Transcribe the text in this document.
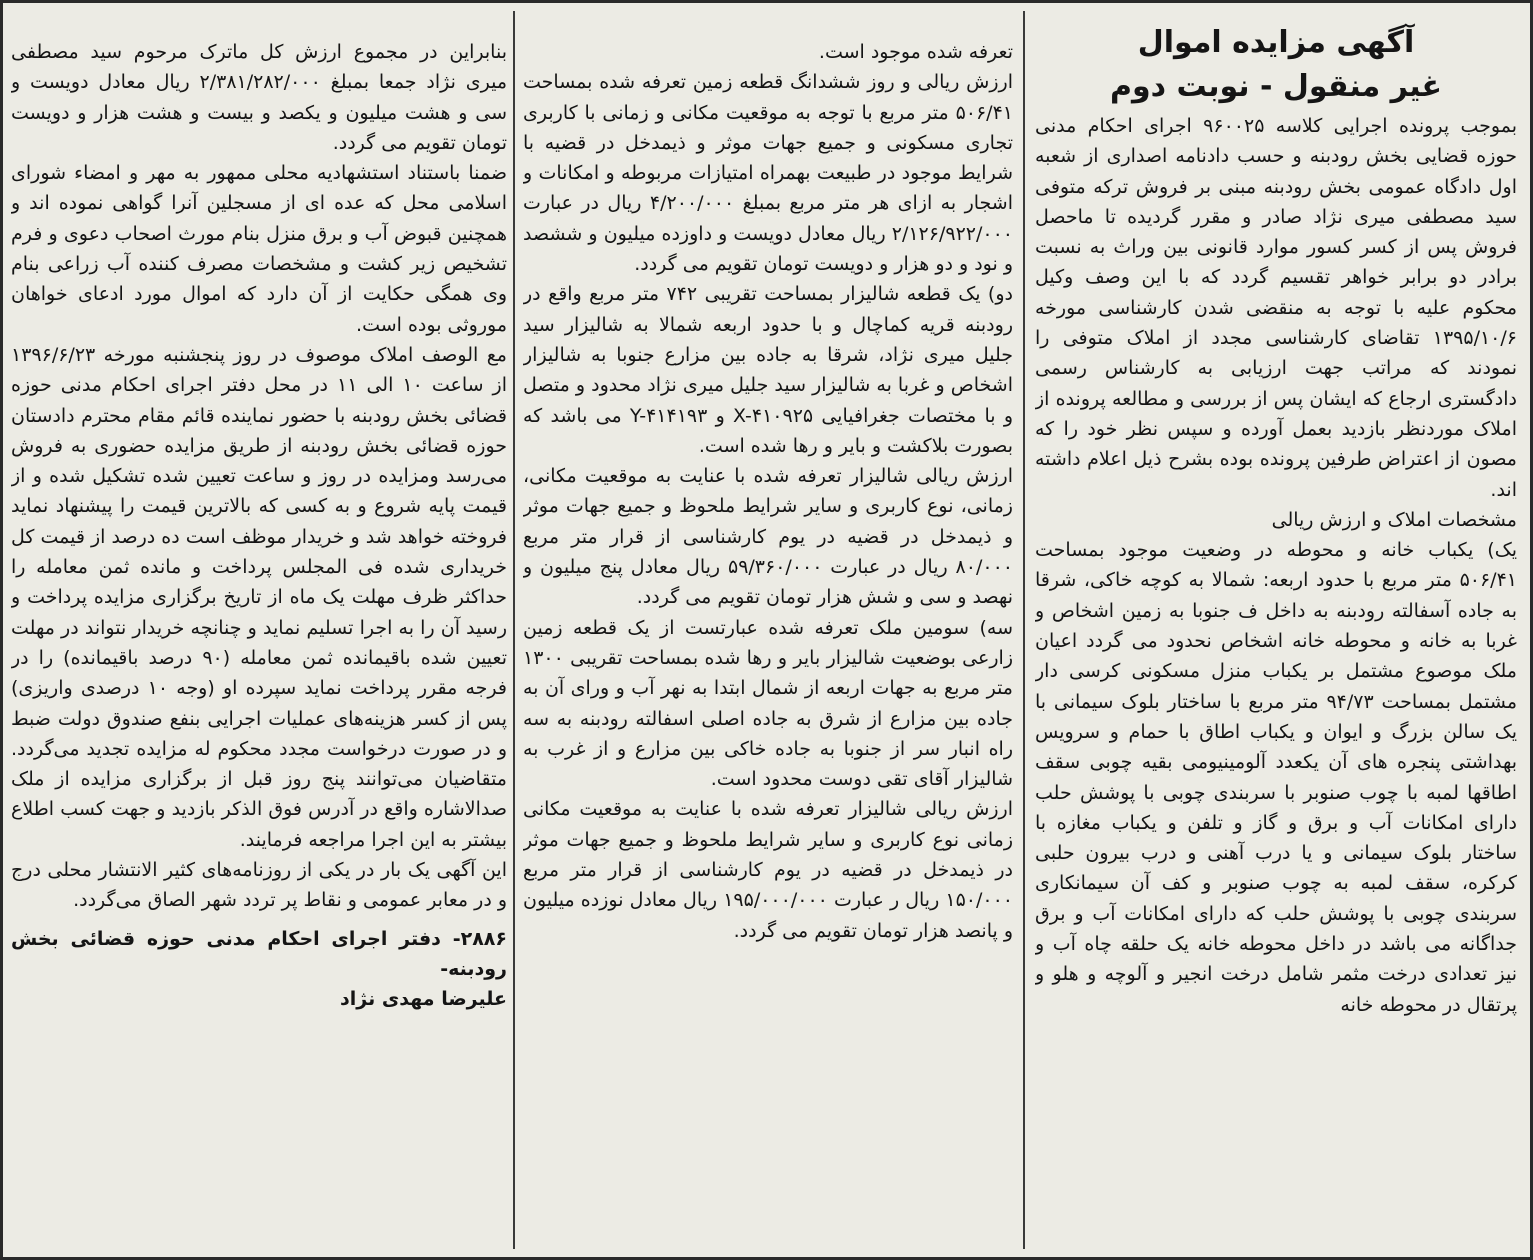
آگهی مزایده اموال
غیر منقول - نوبت دوم

بموجب پرونده اجرایی کلاسه ۹۶۰۰۲۵ اجرای احکام مدنی حوزه قضایی بخش رودبنه و حسب دادنامه اصداری از شعبه اول دادگاه عمومی بخش رودبنه مبنی بر فروش ترکه متوفی سید مصطفی میری نژاد صادر و مقرر گردیده تا ماحصل فروش پس از کسر کسور موارد قانونی بین وراث به نسبت برادر دو برابر خواهر تقسیم گردد که با این وصف وکیل محکوم علیه با توجه به منقضی شدن کارشناسی مورخه ۱۳۹۵/۱۰/۶ تقاضای کارشناسی مجدد از املاک متوفی را نمودند که مراتب جهت ارزیابی به کارشناس رسمی دادگستری ارجاع که ایشان پس از بررسی و مطالعه پرونده از املاک موردنظر بازدید بعمل آورده و سپس نظر خود را که مصون از اعتراض طرفین پرونده بوده بشرح ذیل اعلام داشته اند.

مشخصات املاک و ارزش ریالی

یک) یکباب خانه و محوطه در وضعیت موجود بمساحت ۵۰۶/۴۱ متر مربع با حدود اربعه: شمالا به کوچه خاکی، شرقا به جاده آسفالته رودبنه به داخل ف جنوبا به زمین اشخاص و غربا به خانه و محوطه خانه اشخاص نحدود می گردد اعیان ملک موصوع مشتمل بر یکباب منزل مسکونی کرسی دار مشتمل بمساحت ۹۴/۷۳ متر مربع با ساختار بلوک سیمانی با یک سالن بزرگ و ایوان و یکباب اطاق با حمام و سرویس بهداشتی پنجره های آن یکعدد آلومینیومی بقیه چوبی سقف اطاقها لمبه با چوب صنوبر با سربندی چوبی با پوشش حلب دارای امکانات آب و برق و گاز و تلفن و یکباب مغازه با ساختار بلوک سیمانی و یا درب آهنی و درب بیرون حلبی کرکره، سقف لمبه به چوب صنوبر و کف آن سیمانکاری سربندی چوبی با پوشش حلب که دارای امکانات آب و برق جداگانه می باشد در داخل محوطه خانه یک حلقه چاه آب و نیز تعدادی درخت مثمر شامل درخت انجیر و آلوچه و هلو و پرتقال در محوطه خانه

تعرفه شده موجود است.

ارزش ریالی و روز ششدانگ قطعه زمین تعرفه شده بمساحت ۵۰۶/۴۱ متر مربع با توجه به موقعیت مکانی و زمانی با کاربری تجاری مسکونی و جمیع جهات موثر و ذیمدخل در قضیه با شرایط موجود در طبیعت بهمراه امتیازات مربوطه و امکانات و اشجار به ازای هر متر مربع بمبلغ ۴/۲۰۰/۰۰۰ ریال در عبارت ۲/۱۲۶/۹۲۲/۰۰۰ ریال معادل دویست و داوزده میلیون و ششصد و نود و دو هزار و دویست تومان تقویم می گردد.

دو) یک قطعه شالیزار بمساحت تقریبی ۷۴۲ متر مربع واقع در رودبنه قریه کماچال و با حدود اربعه شمالا به شالیزار سید جلیل میری نژاد، شرقا به جاده بین مزارع جنوبا به شالیزار اشخاص و غربا به شالیزار سید جلیل میری نژاد محدود و متصل و با مختصات جغرافیایی X-۴۱۰۹۲۵ و Y-۴۱۴۱۹۳ می باشد که بصورت بلاکشت و بایر و رها شده است.

ارزش ریالی شالیزار تعرفه شده با عنایت به موقعیت مکانی، زمانی، نوع کاربری و سایر شرایط ملحوظ و جمیع جهات موثر و ذیمدخل در قضیه در یوم کارشناسی از قرار متر مربع ۸۰/۰۰۰ ریال در عبارت ۵۹/۳۶۰/۰۰۰ ریال معادل پنج میلیون و نهصد و سی و شش هزار تومان تقویم می گردد.

سه) سومین ملک تعرفه شده عبارتست از یک قطعه زمین زارعی بوضعیت شالیزار بایر و رها شده بمساحت تقریبی ۱۳۰۰ متر مربع به جهات اربعه از شمال ابتدا به نهر آب و ورای آن به جاده بین مزارع از شرق به جاده اصلی اسفالته رودبنه به سه راه انبار سر از جنوبا به جاده خاکی بین مزارع و از غرب به شالیزار آقای تقی دوست محدود است.

ارزش ریالی شالیزار تعرفه شده با عنایت به موقعیت مکانی زمانی نوع کاربری و سایر شرایط ملحوظ و جمیع جهات موثر در ذیمدخل در قضیه در یوم کارشناسی از قرار متر مربع ۱۵۰/۰۰۰ ریال ر عبارت ۱۹۵/۰۰۰/۰۰۰ ریال معادل نوزده میلیون و پانصد هزار تومان تقویم می گردد.

بنابراین در مجموع ارزش کل ماترک مرحوم سید مصطفی میری نژاد جمعا بمبلغ ۲/۳۸۱/۲۸۲/۰۰۰ ریال معادل دویست و سی و هشت میلیون و یکصد و بیست و هشت هزار و دویست تومان تقویم می گردد.

ضمنا باستناد استشهادیه محلی ممهور به مهر و امضاء شورای اسلامی محل که عده ای از مسجلین آنرا گواهی نموده اند و همچنین قبوض آب و برق منزل بنام مورث اصحاب دعوی و فرم تشخیص زیر کشت و مشخصات مصرف کننده آب زراعی بنام وی همگی حکایت از آن دارد که اموال مورد ادعای خواهان موروثی بوده است.

مع الوصف املاک موصوف در روز پنجشنبه مورخه ۱۳۹۶/۶/۲۳ از ساعت ۱۰ الی ۱۱ در محل دفتر اجرای احکام مدنی حوزه قضائی بخش رودبنه با حضور نماینده قائم مقام محترم دادستان حوزه قضائی بخش رودبنه از طریق مزایده حضوری به فروش می‌رسد ومزایده در روز و ساعت تعیین شده تشکیل شده و از قیمت پایه شروع و به کسی که بالاترین قیمت را پیشنهاد نماید فروخته خواهد شد و خریدار موظف است ده درصد از قیمت کل خریداری شده فی المجلس پرداخت و مانده ثمن معامله را حداکثر ظرف مهلت یک ماه از تاریخ برگزاری مزایده پرداخت و رسید آن را به اجرا تسلیم نماید و چنانچه خریدار نتواند در مهلت تعیین شده باقیمانده ثمن معامله (۹۰ درصد باقیمانده) را در فرجه مقرر پرداخت نماید سپرده او (وجه ۱۰ درصدی واریزی) پس از کسر هزینه‌های عملیات اجرایی بنفع صندوق دولت ضبط و در صورت درخواست مجدد محکوم له مزایده تجدید می‌گردد. متقاضیان می‌توانند پنج روز قبل از برگزاری مزایده از ملک صدالاشاره واقع در آدرس فوق الذکر بازدید و جهت کسب اطلاع بیشتر به این اجرا مراجعه فرمایند.

این آگهی یک بار در یکی از روزنامه‌های کثیر الانتشار محلی درج و در معابر عمومی و نقاط پر تردد شهر الصاق می‌گردد.

۲۸۸۶- دفتر اجرای احکام مدنی حوزه قضائی بخش رودبنه-
علیرضا مهدی نژاد
